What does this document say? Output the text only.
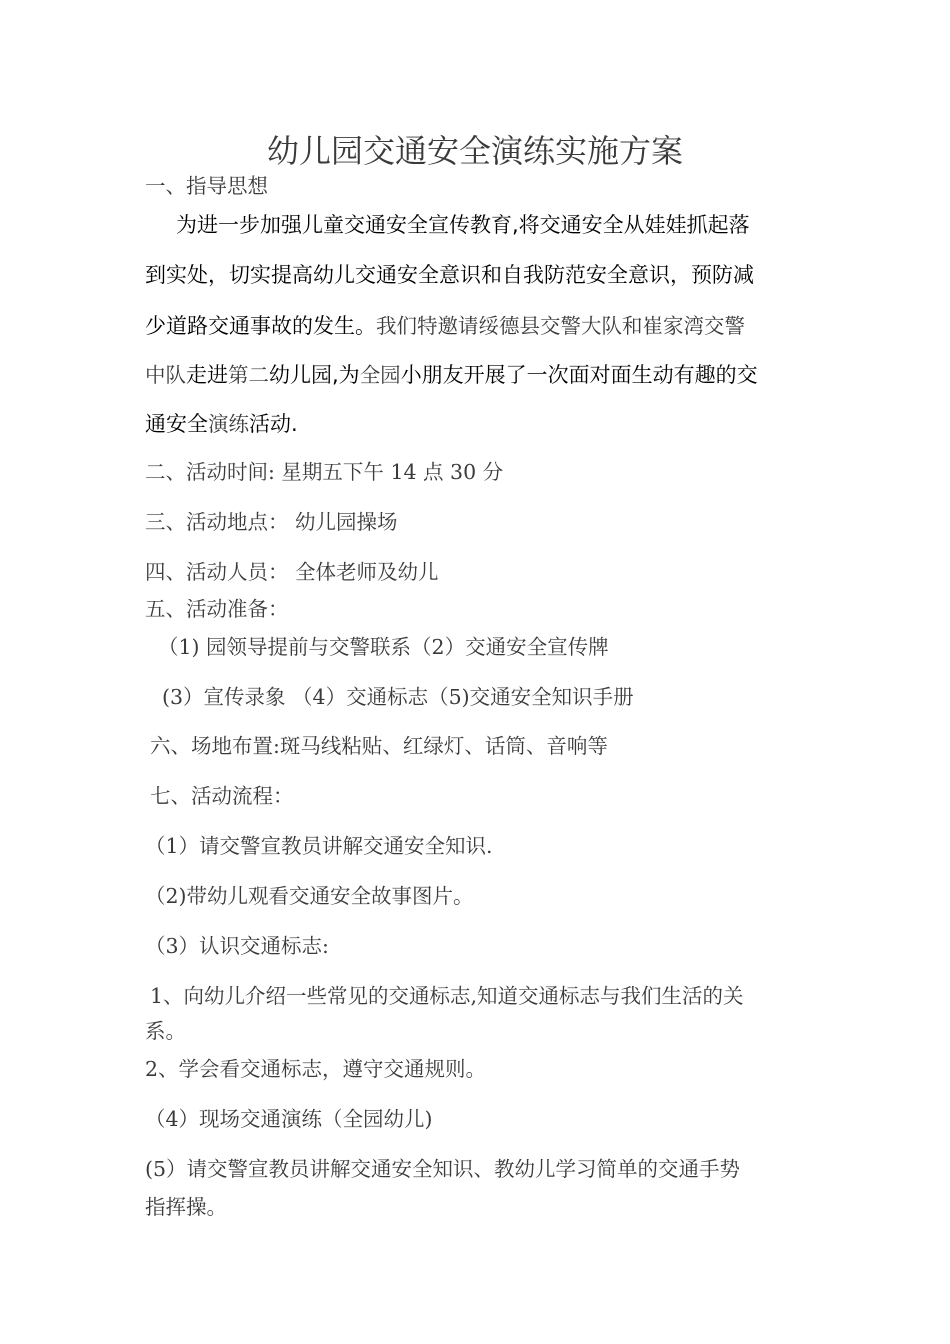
幼儿园交通安全演练实施方案
一、指导思想
为进一步加强儿童交通安全宣传教育,将交通安全从娃娃抓起落
到实处，切实提高幼儿交通安全意识和自我防范安全意识，预防减
少道路交通事故的发生。我们特邀请绥德县交警大队和崔家湾交警
中队走进第二幼儿园,为全园小朋友开展了一次面对面生动有趣的交
通安全演练活动.
二、活动时间: 星期五下午 14 点 30 分
三、活动地点： 幼儿园操场
四、活动人员： 全体老师及幼儿
五、活动准备：
（1) 园领导提前与交警联系（2）交通安全宣传牌
(3）宣传录象 （4）交通标志（5)交通安全知识手册
六、场地布置:斑马线粘贴、红绿灯、话筒、音响等
七、活动流程：
（1）请交警宣教员讲解交通安全知识.
（2)带幼儿观看交通安全故事图片。
（3）认识交通标志:
1、向幼儿介绍一些常见的交通标志,知道交通标志与我们生活的关
系。
2、学会看交通标志，遵守交通规则。
（4）现场交通演练（全园幼儿)
(5）请交警宣教员讲解交通安全知识、教幼儿学习简单的交通手势
指挥操。
